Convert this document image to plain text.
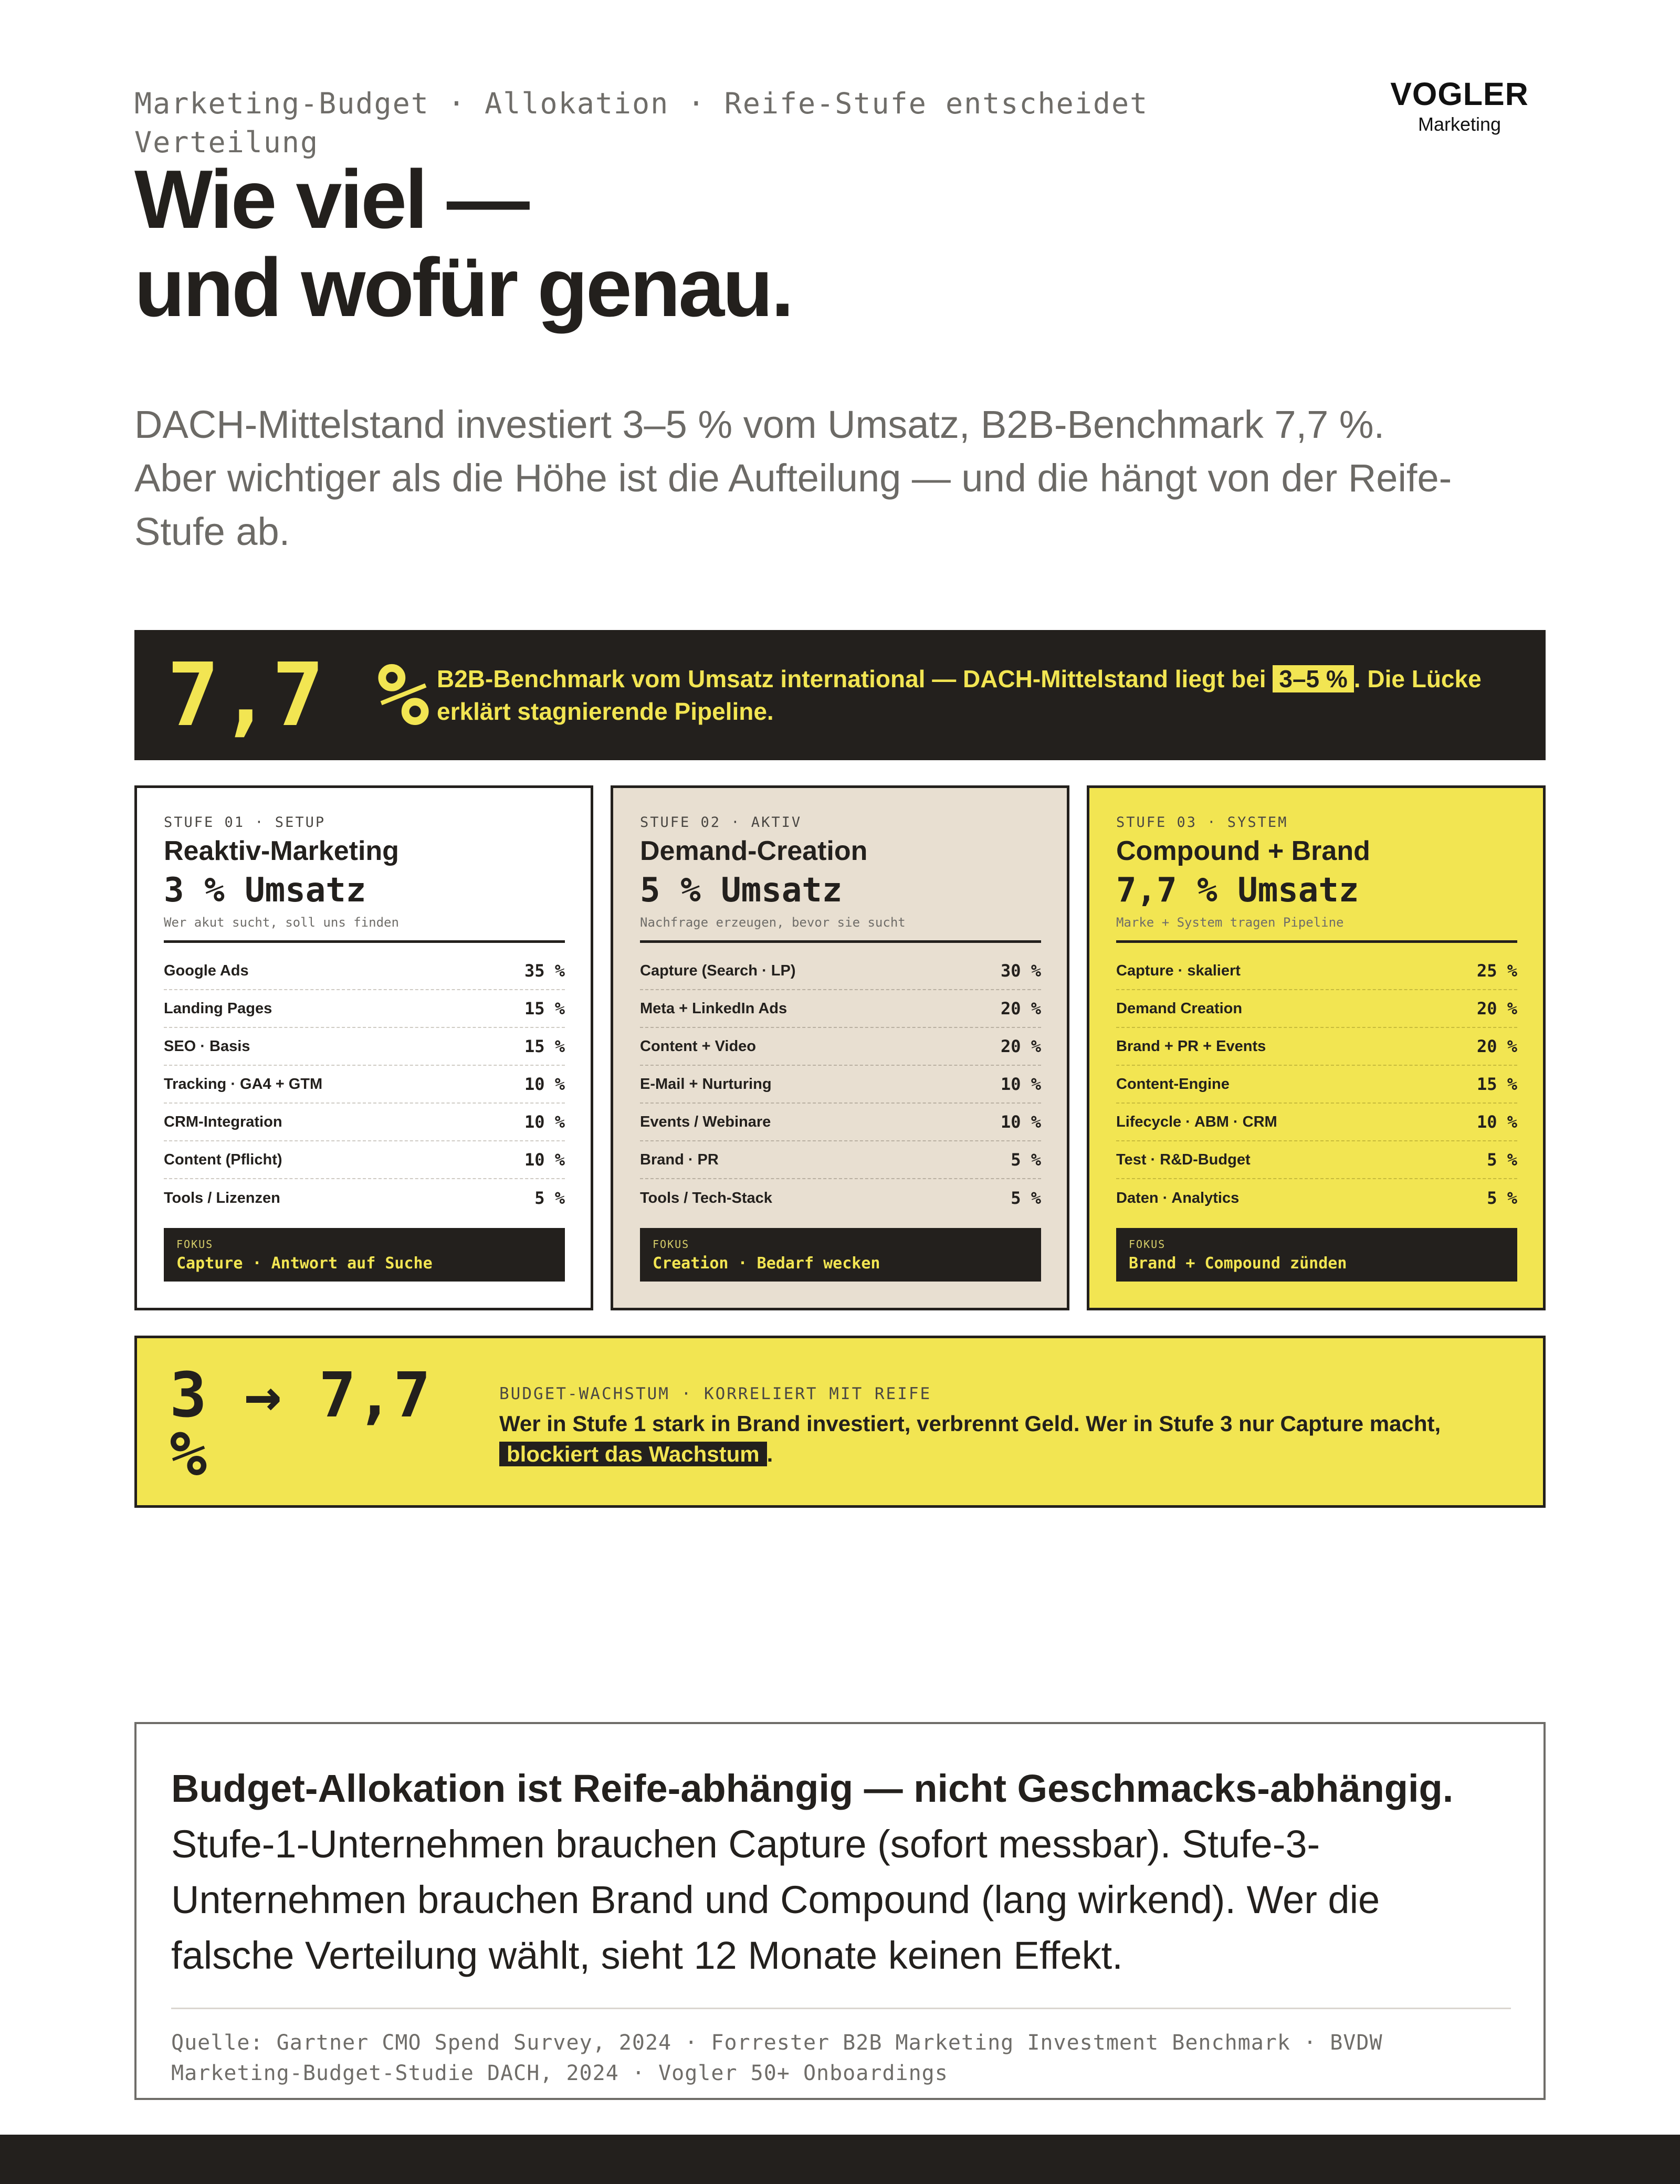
Marketing-Budget · Allokation · Reife-Stufe entscheidet Verteilung
VOGLER
Marketing
Wie viel —
und wofür genau.

DACH-Mittelstand investiert 3–5 % vom Umsatz, B2B-Benchmark 7,7 %. Aber wichtiger als die Höhe ist die Aufteilung — und die hängt von der Reife-Stufe ab.

7,7 % B2B-Benchmark vom Umsatz international — DACH-Mittelstand liegt bei 3–5 % . Die Lücke erklärt stagnierende Pipeline.
STUFE 01 · SETUP
Reaktiv-Marketing
3 % Umsatz
Wer akut sucht, soll uns finden
Google Ads	35 %
Landing Pages	15 %
SEO · Basis	15 %
Tracking · GA4 + GTM	10 %
CRM-Integration	10 %
Content (Pflicht)	10 %
Tools / Lizenzen	5 %
FOKUS
Capture · Antwort auf Suche
STUFE 02 · AKTIV
Demand-Creation
5 % Umsatz
Nachfrage erzeugen, bevor sie sucht
Capture (Search · LP)	30 %
Meta + LinkedIn Ads	20 %
Content + Video	20 %
E-Mail + Nurturing	10 %
Events / Webinare	10 %
Brand · PR	5 %
Tools / Tech-Stack	5 %
FOKUS
Creation · Bedarf wecken
STUFE 03 · SYSTEM
Compound + Brand
7,7 % Umsatz
Marke + System tragen Pipeline
Capture · skaliert	25 %
Demand Creation	20 %
Brand + PR + Events	20 %
Content-Engine	15 %
Lifecycle · ABM · CRM	10 %
Test · R&D-Budget	5 %
Daten · Analytics	5 %
FOKUS
Brand + Compound zünden
3 → 7,7 %
BUDGET-WACHSTUM · KORRELIERT MIT REIFE
Wer in Stufe 1 stark in Brand investiert, verbrennt Geld. Wer in Stufe 3 nur Capture macht, blockiert das Wachstum .

Budget-Allokation ist Reife-abhängig — nicht Geschmacks-abhängig. Stufe-1-Unternehmen brauchen Capture (sofort messbar). Stufe-3-Unternehmen brauchen Brand und Compound (lang wirkend). Wer die falsche Verteilung wählt, sieht 12 Monate keinen Effekt.

Quelle: Gartner CMO Spend Survey, 2024 · Forrester B2B Marketing Investment Benchmark · BVDW Marketing-Budget-Studie DACH, 2024 · Vogler 50+ Onboardings
